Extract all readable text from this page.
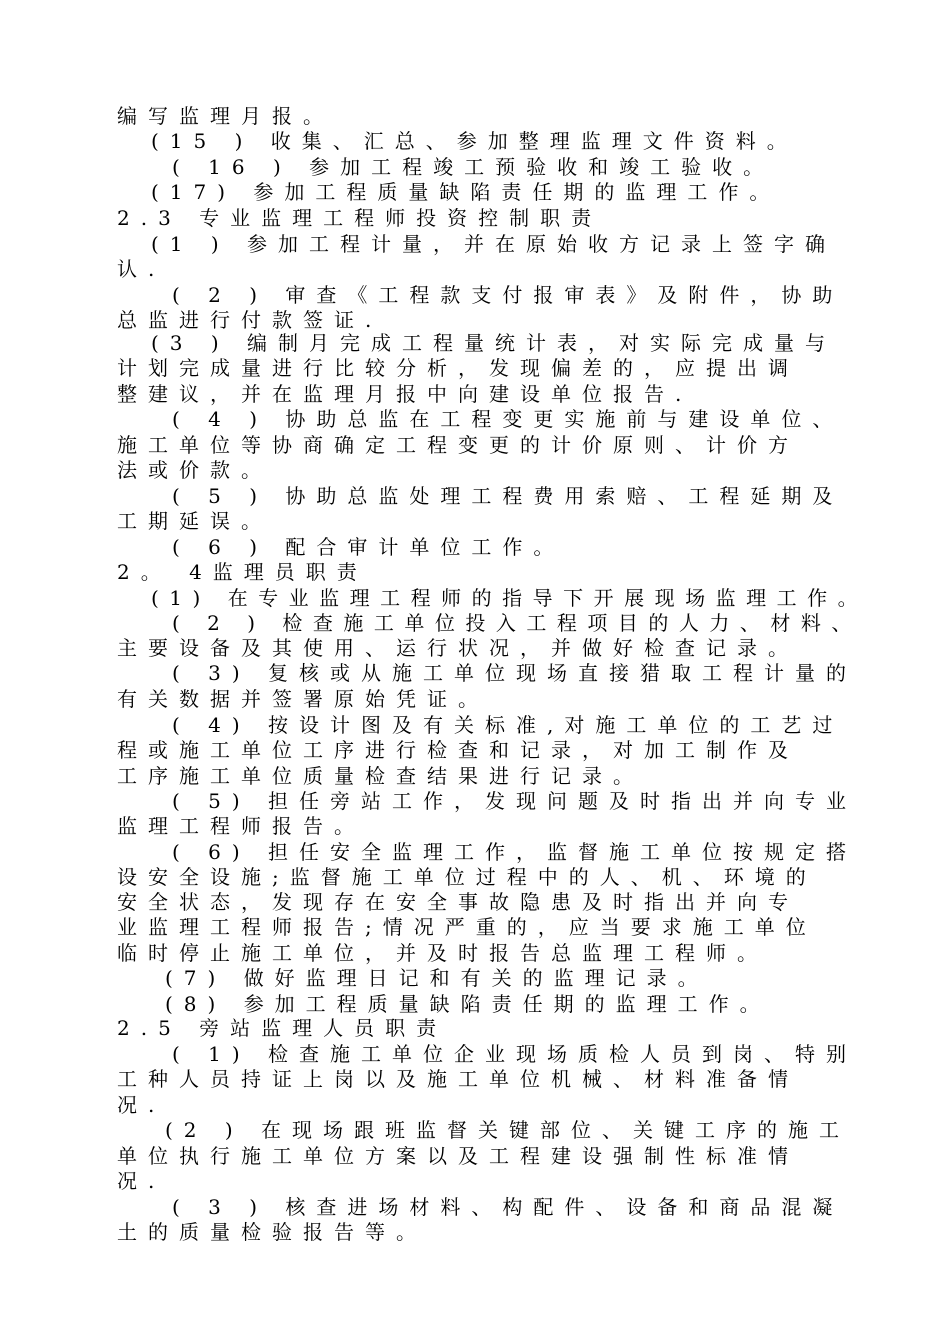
编写监理月报。
(15 ) 收集、汇总、参加整理监理文件资料。
( 16 ) 参加工程竣工预验收和竣工验收。
(17) 参加工程质量缺陷责任期的监理工作。
2.3 专业监理工程师投资控制职责
(1 ) 参加工程计量，并在原始收方记录上签字确
认.
( 2 ) 审查《工程款支付报审表》及附件，协助
总监进行付款签证.
(3 ) 编制月完成工程量统计表，对实际完成量与
计划完成量进行比较分析，发现偏差的，应提出调
整建议，并在监理月报中向建设单位报告.
( 4 ) 协助总监在工程变更实施前与建设单位、
施工单位等协商确定工程变更的计价原则、计价方
法或价款。
( 5 ) 协助总监处理工程费用索赔、工程延期及
工期延误。
( 6 ) 配合审计单位工作。
2。 4监理员职责
(1) 在专业监理工程师的指导下开展现场监理工作。
( 2 ) 检查施工单位投入工程项目的人力、材料、
主要设备及其使用、运行状况，并做好检查记录。
( 3) 复核或从施工单位现场直接猎取工程计量的
有关数据并签署原始凭证。
( 4) 按设计图及有关标准,对施工单位的工艺过
程或施工单位工序进行检查和记录，对加工制作及
工序施工单位质量检查结果进行记录。
( 5) 担任旁站工作，发现问题及时指出并向专业
监理工程师报告。
( 6) 担任安全监理工作，监督施工单位按规定搭
设安全设施;监督施工单位过程中的人、机、环境的
安全状态，发现存在安全事故隐患及时指出并向专
业监理工程师报告;情况严重的，应当要求施工单位
临时停止施工单位，并及时报告总监理工程师。
(7) 做好监理日记和有关的监理记录。
(8) 参加工程质量缺陷责任期的监理工作。
2.5 旁站监理人员职责
( 1) 检查施工单位企业现场质检人员到岗、特别
工种人员持证上岗以及施工单位机械、材料准备情
况.
(2 ) 在现场跟班监督关键部位、关键工序的施工
单位执行施工单位方案以及工程建设强制性标准情
况.
( 3 ) 核查进场材料、构配件、设备和商品混凝
土的质量检验报告等。
